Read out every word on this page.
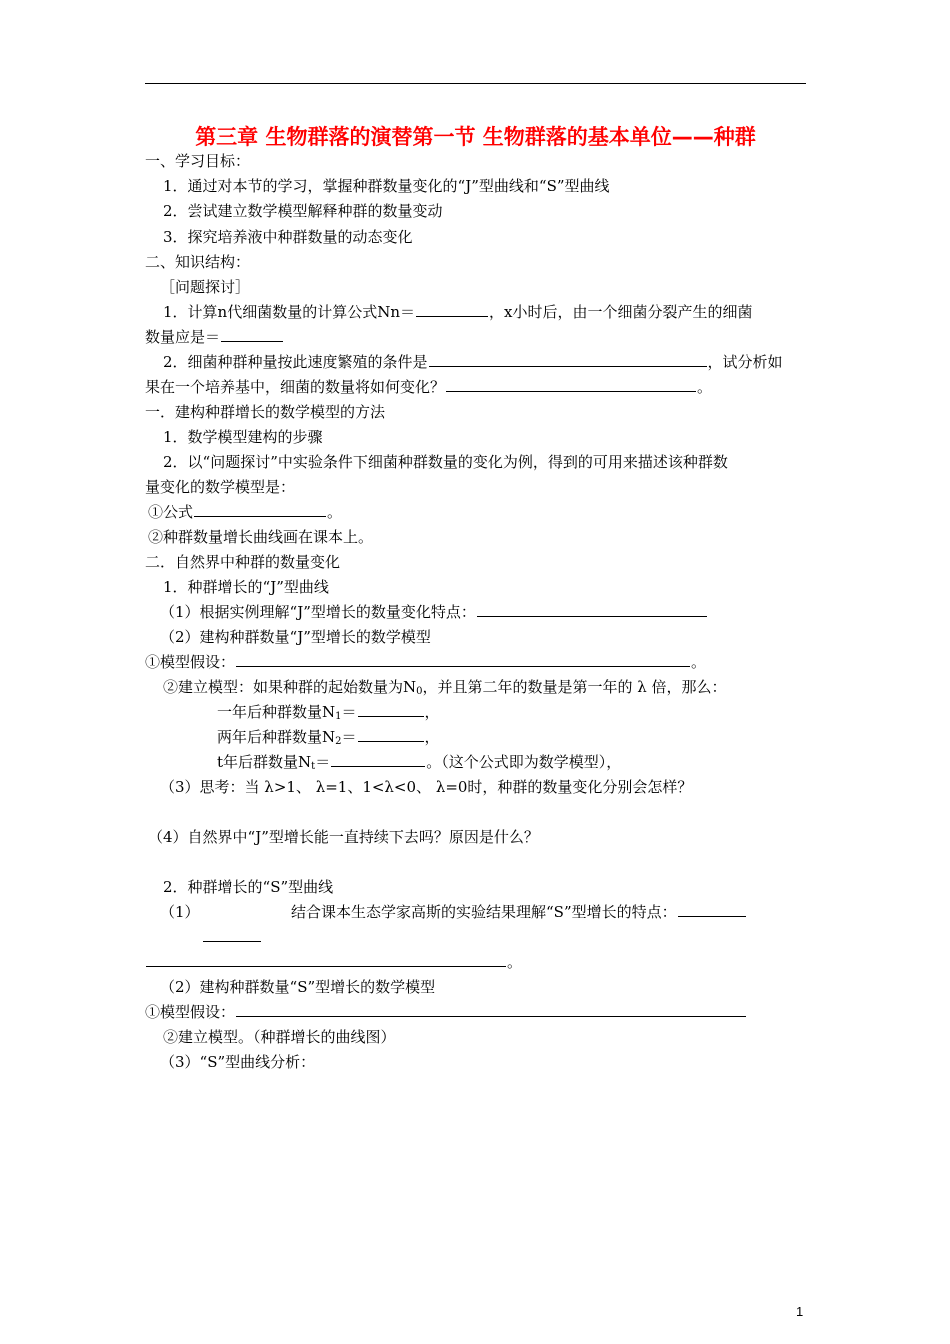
第三章 生物群落的演替第一节 生物群落的基本单位——种群
一、学习目标：
1．通过对本节的学习，掌握种群数量变化的“J”型曲线和“S”型曲线
2．尝试建立数学模型解释种群的数量变动
3．探究培养液中种群数量的动态变化
二、知识结构：
［问题探讨］
1．计算n代细菌数量的计算公式Nn＝	，x小时后，由一个细菌分裂产生的细菌
数量应是＝
2．细菌种群种量按此速度繁殖的条件是	，试分析如
果在一个培养基中，细菌的数量将如何变化？	。
一．建构种群增长的数学模型的方法
1．数学模型建构的步骤
2．以“问题探讨”中实验条件下细菌种群数量的变化为例，得到的可用来描述该种群数
量变化的数学模型是：
①公式	。
②种群数量增长曲线画在课本上。
二．自然界中种群的数量变化
1．种群增长的“J”型曲线
（1）根据实例理解“J”型增长的数量变化特点：
（2）建构种群数量“J”型增长的数学模型
①模型假设：	。
②建立模型：如果种群的起始数量为$N_0$，并且第二年的数量是第一年的 λ 倍，那么：
一年后种群数量$N_1=$	，
两年后种群数量$N_2=$	，
t年后群数量$N_t=$	。（这个公式即为数学模型），
（3）思考：当 λ>1、 λ=1、1<λ<0、 λ=0时，种群的数量变化分别会怎样？
（4）自然界中“J”型增长能一直持续下去吗？原因是什么？
2．种群增长的“S”型曲线
（1）	结合课本生态学家高斯的实验结果理解“S”型增长的特点：
。
（2）建构种群数量“S”型增长的数学模型
①模型假设：
②建立模型。（种群增长的曲线图）
（3）“S”型曲线分析：
1
